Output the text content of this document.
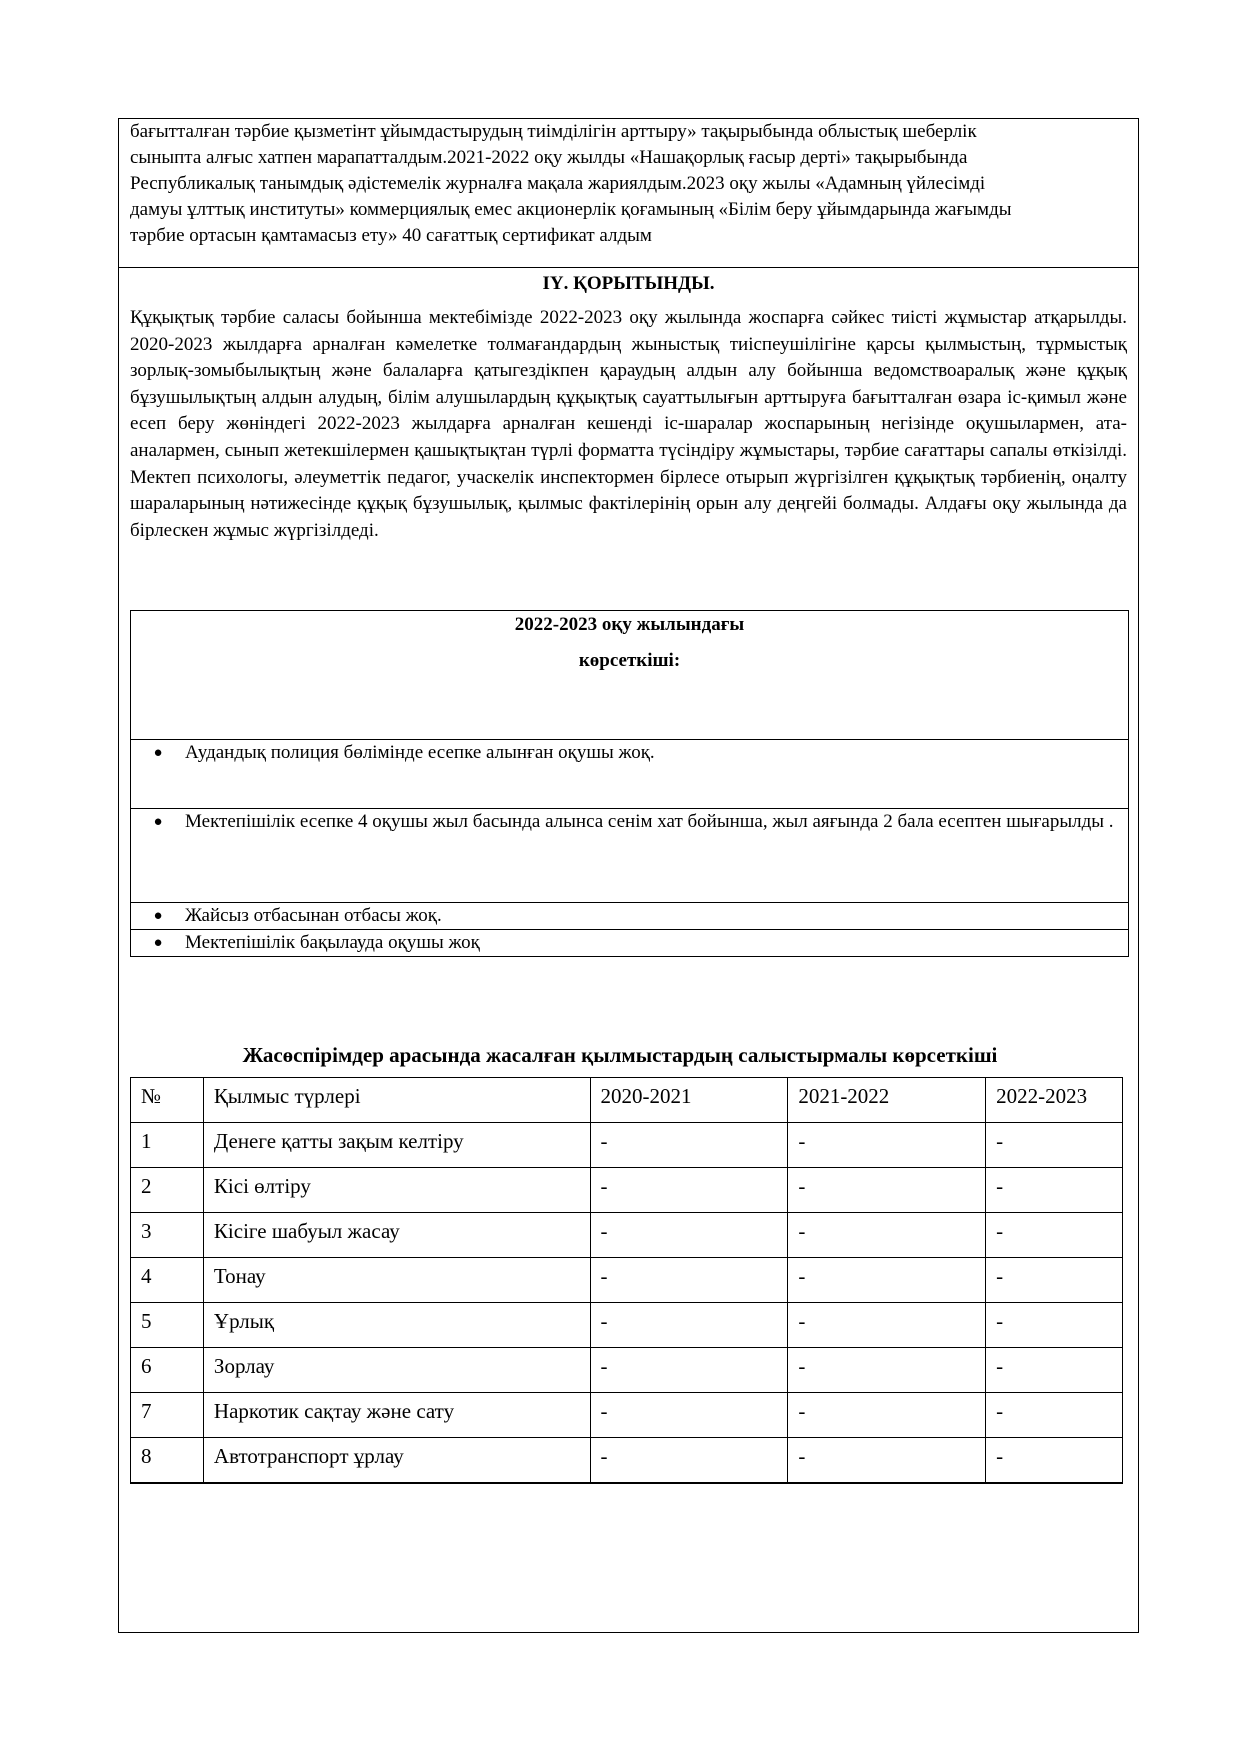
бағытталған тәрбие қызметінт ұйымдастырудың тиімділігін арттыру» тақырыбында облыстық шеберлік
сыныпта алғыс хатпен марапатталдым.2021-2022 оқу жылды «Нашақорлық ғасыр дерті» тақырыбында
Республикалық танымдық әдістемелік журналға мақала жариялдым.2023 оқу жылы «Адамның үйлесімді
дамуы ұлттық институты» коммерциялық емес акционерлік қоғамының «Білім беру ұйымдарында жағымды
тәрбие ортасын қамтамасыз ету» 40 сағаттық сертификат алдым
ІҮ. ҚОРЫТЫНДЫ.

Құқықтық тәрбие саласы бойынша мектебімізде 2022-2023 оқу жылында жоспарға сәйкес тиісті жұмыстар атқарылды. 2020-2023 жылдарға арналған кәмелетке толмағандардың жыныстық тиіспеушілігіне қарсы қылмыстың, тұрмыстық зорлық-зомыбылықтың және балаларға қатыгездікпен қараудың алдын алу бойынша ведомствоаралық және құқық бұзушылықтың алдын алудың, білім алушылардың құқықтық сауаттылығын арттыруға бағытталған өзара іс-қимыл және есеп беру жөніндегі 2022-2023 жылдарға арналған кешенді іс-шаралар жоспарының негізінде оқушылармен, ата-аналармен, сынып жетекшілермен қашықтықтан түрлі форматта түсіндіру жұмыстары, тәрбие сағаттары сапалы өткізілді. Мектеп психологы, әлеуметтік педагог, учаскелік инспектормен бірлесе отырып жүргізілген құқықтық тәрбиенің, оңалту шараларының нәтижесінде құқық бұзушылық, қылмыс фактілерінің орын алу деңгейі болмады. Алдағы оқу жылында да бірлескен жұмыс жүргізілдеді.

2022-2023 оқу жылындағы
көрсеткіші:

●	Аудандық полиция бөлімінде есепке алынған оқушы жоқ.

●	Мектепішілік есепке 4 оқушы жыл басында алынса сенім хат бойынша, жыл аяғында 2 бала есептен шығарылды .

●	Жайсыз отбасынан отбасы жоқ.

●	Мектепішілік бақылауда оқушы жоқ
Жасөспірімдер арасында жасалған қылмыстардың салыстырмалы көрсеткіші
№	Қылмыс түрлері	2020-2021	2021-2022	2022-2023
1	Денеге қатты зақым келтіру	-	-	-
2	Кісі өлтіру	-	-	-
3	Кісіге шабуыл жасау	-	-	-
4	Тонау	-	-	-
5	Ұрлық	-	-	-
6	Зорлау	-	-	-
7	Наркотик сақтау және сату	-	-	-
8	Автотранспорт ұрлау	-	-	-
